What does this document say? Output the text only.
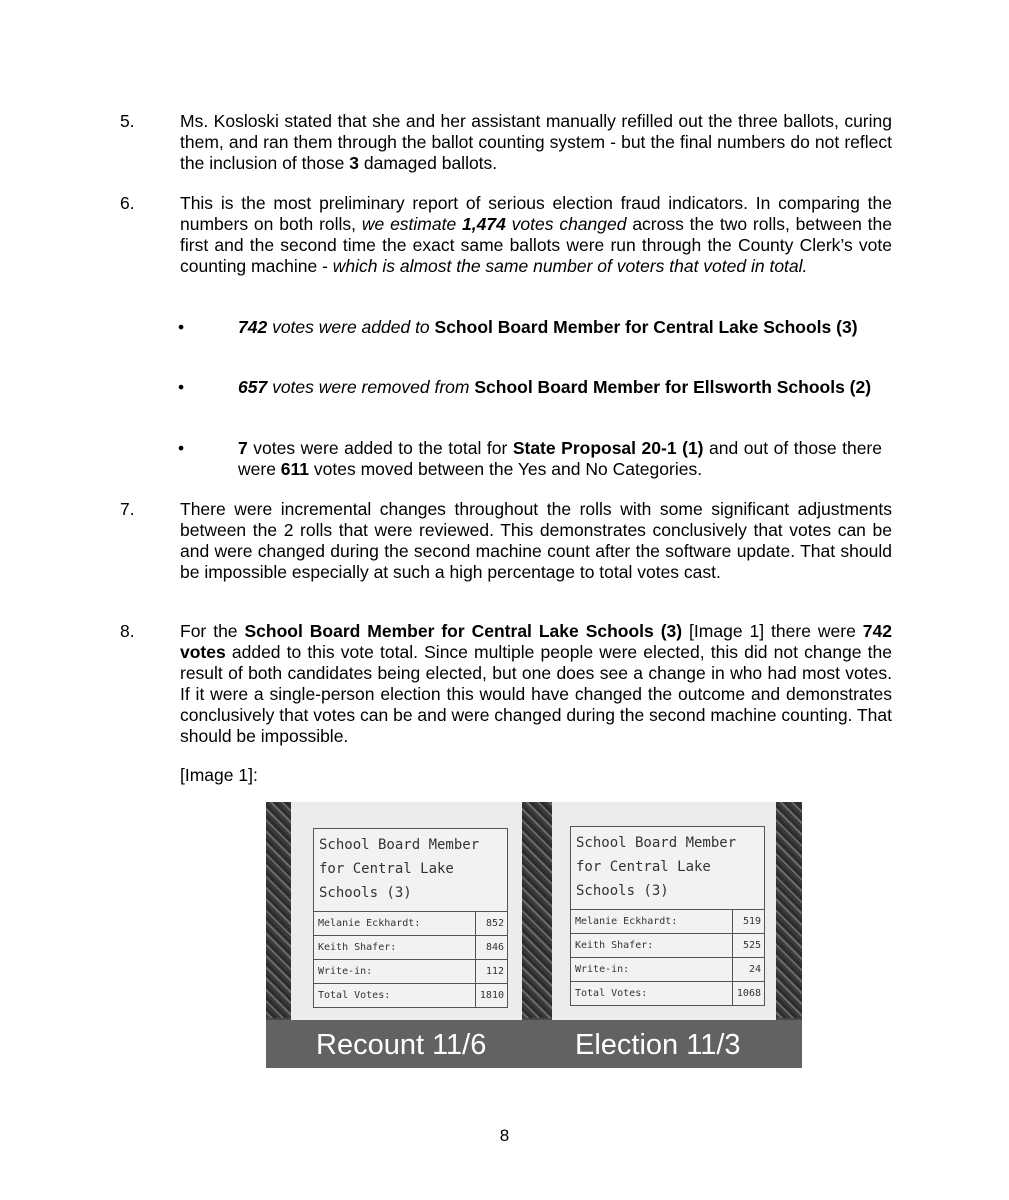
5.	Ms. Kosloski stated that she and her assistant manually refilled out the three ballots, curing them, and ran them through the ballot counting system - but the final numbers do not reflect the inclusion of those 3 damaged ballots.
6.	This is the most preliminary report of serious election fraud indicators. In comparing the numbers on both rolls, we estimate 1,474 votes changed across the two rolls, between the first and the second time the exact same ballots were run through the County Clerk’s vote counting machine - which is almost the same number of voters that voted in total.
•	742 votes were added to School Board Member for Central Lake Schools (3)
•	657 votes were removed from School Board Member for Ellsworth Schools (2)
•	7 votes were added to the total for State Proposal 20-1 (1) and out of those there were 611 votes moved between the Yes and No Categories.
7.	There were incremental changes throughout the rolls with some significant adjustments between the 2 rolls that were reviewed. This demonstrates conclusively that votes can be and were changed during the second machine count after the software update. That should be impossible especially at such a high percentage to total votes cast.
8.	For the School Board Member for Central Lake Schools (3) [Image 1] there were 742 votes added to this vote total. Since multiple people were elected, this did not change the result of both candidates being elected, but one does see a change in who had most votes. If it were a single-person election this would have changed the outcome and demonstrates conclusively that votes can be and were changed during the second machine counting. That should be impossible.
[Image 1]:
School Board Member
for Central Lake
Schools (3)
Melanie Eckhardt:	852
Keith Shafer:	846
Write-in:	112
Total Votes:	1810
School Board Member
for Central Lake
Schools (3)
Melanie Eckhardt:	519
Keith Shafer:	525
Write-in:	24
Total Votes:	1068
Recount 11/6	Election 11/3
8
